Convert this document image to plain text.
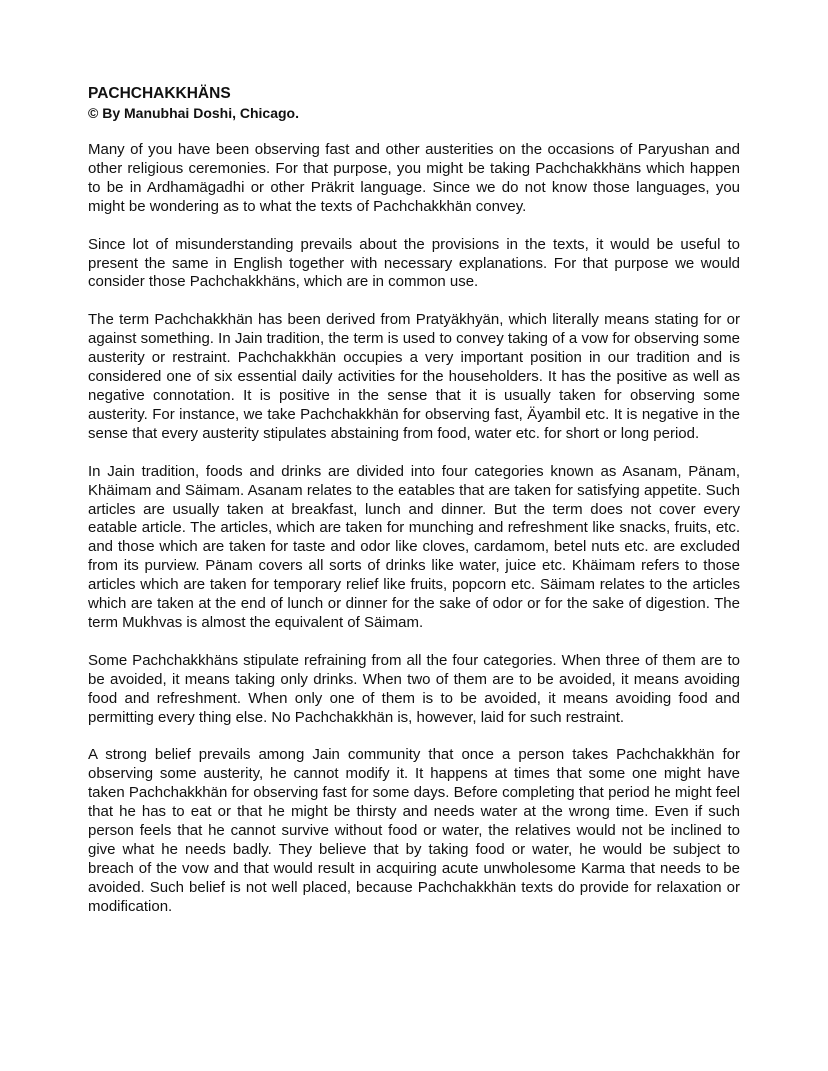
PACHCHAKKHÄNS
© By Manubhai Doshi, Chicago.

Many of you have been observing fast and other austerities on the occasions of Paryushan and other religious ceremonies. For that purpose, you might be taking Pachchakkhäns which happen to be in Ardhamägadhi or other Präkrit language. Since we do not know those languages, you might be wondering as to what the texts of Pachchakkhän convey.

Since lot of misunderstanding prevails about the provisions in the texts, it would be useful to present the same in English together with necessary explanations. For that purpose we would consider those Pachchakkhäns, which are in common use.

The term Pachchakkhän has been derived from Pratyäkhyän, which literally means stating for or against something. In Jain tradition, the term is used to convey taking of a vow for observing some austerity or restraint. Pachchakkhän occupies a very important position in our tradition and is considered one of six essential daily activities for the householders. It has the positive as well as negative connotation. It is positive in the sense that it is usually taken for observing some austerity. For instance, we take Pachchakkhän for observing fast, Äyambil etc. It is negative in the sense that every austerity stipulates abstaining from food, water etc. for short or long period.

In Jain tradition, foods and drinks are divided into four categories known as Asanam, Pänam, Khäimam and Säimam. Asanam relates to the eatables that are taken for satisfying appetite. Such articles are usually taken at breakfast, lunch and dinner. But the term does not cover every eatable article. The articles, which are taken for munching and refreshment like snacks, fruits, etc. and those which are taken for taste and odor like cloves, cardamom, betel nuts etc. are excluded from its purview. Pänam covers all sorts of drinks like water, juice etc. Khäimam refers to those articles which are taken for temporary relief like fruits, popcorn etc. Säimam relates to the articles which are taken at the end of lunch or dinner for the sake of odor or for the sake of digestion. The term Mukhvas is almost the equivalent of Säimam.

Some Pachchakkhäns stipulate refraining from all the four categories. When three of them are to be avoided, it means taking only drinks. When two of them are to be avoided, it means avoiding food and refreshment. When only one of them is to be avoided, it means avoiding food and permitting every thing else. No Pachchakkhän is, however, laid for such restraint.

A strong belief prevails among Jain community that once a person takes Pachchakkhän for observing some austerity, he cannot modify it. It happens at times that some one might have taken Pachchakkhän for observing fast for some days. Before completing that period he might feel that he has to eat or that he might be thirsty and needs water at the wrong time. Even if such person feels that he cannot survive without food or water, the relatives would not be inclined to give what he needs badly. They believe that by taking food or water, he would be subject to breach of the vow and that would result in acquiring acute unwholesome Karma that needs to be avoided. Such belief is not well placed, because Pachchakkhän texts do provide for relaxation or modification.
